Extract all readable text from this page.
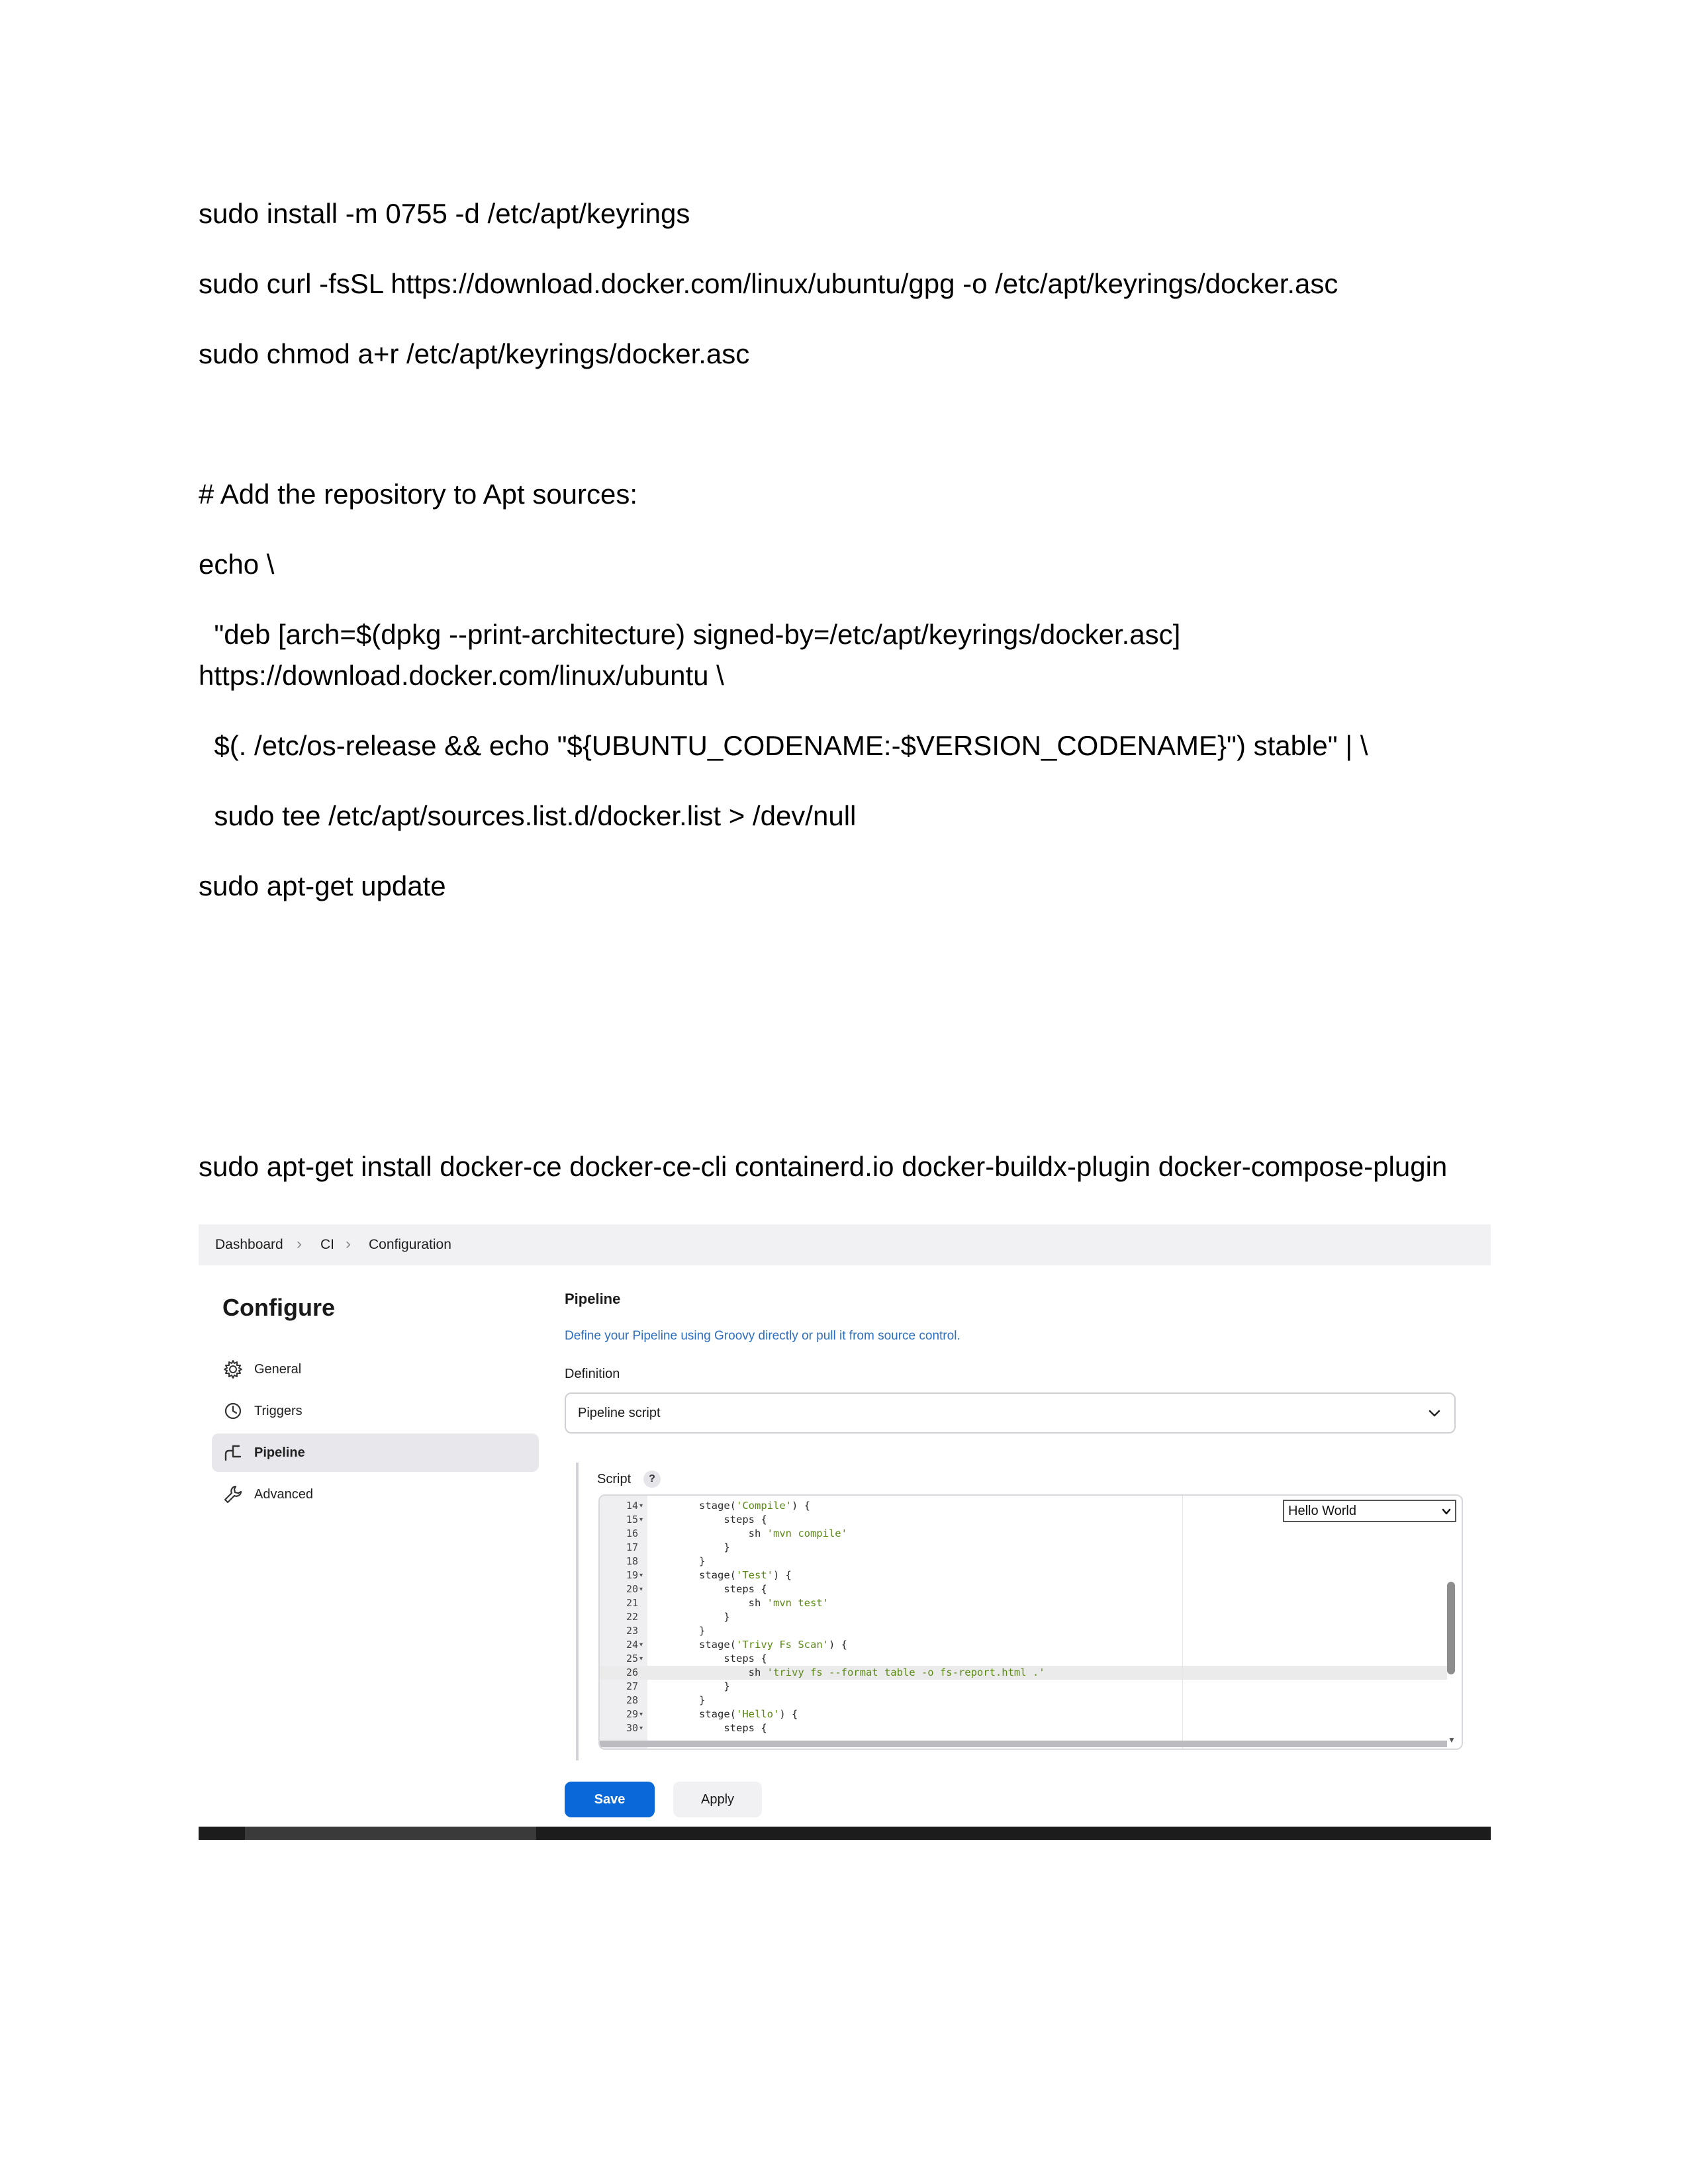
sudo install -m 0755 -d /etc/apt/keyrings
sudo curl -fsSL https://download.docker.com/linux/ubuntu/gpg -o /etc/apt/keyrings/docker.asc
sudo chmod a+r /etc/apt/keyrings/docker.asc
# Add the repository to Apt sources:
echo \
"deb [arch=$(dpkg --print-architecture) signed-by=/etc/apt/keyrings/docker.asc]
https://download.docker.com/linux/ubuntu \
$(. /etc/os-release && echo "${UBUNTU_CODENAME:-$VERSION_CODENAME}") stable" | \
sudo tee /etc/apt/sources.list.d/docker.list > /dev/null
sudo apt-get update
sudo apt-get install docker-ce docker-ce-cli containerd.io docker-buildx-plugin docker-compose-plugin
Dashboard › CI › Configuration
Configure
General
Triggers
Pipeline
Advanced
Pipeline
Define your Pipeline using Groovy directly or pull it from source control.
Definition
Pipeline script
Script	?
14
15
16
17
18
19
20
21
22
23
24
25
26
27
28
29
30
▾
▾
▾
▾
▾
▾
▾
▾
stage('Compile') {
steps {
sh 'mvn compile'
}
}
stage('Test') {
steps {
sh 'mvn test'
}
}
stage('Trivy Fs Scan') {
steps {
sh 'trivy fs --format table -o fs-report.html .'
}
}
stage('Hello') {
steps {
Hello World
▼
Save	Apply
